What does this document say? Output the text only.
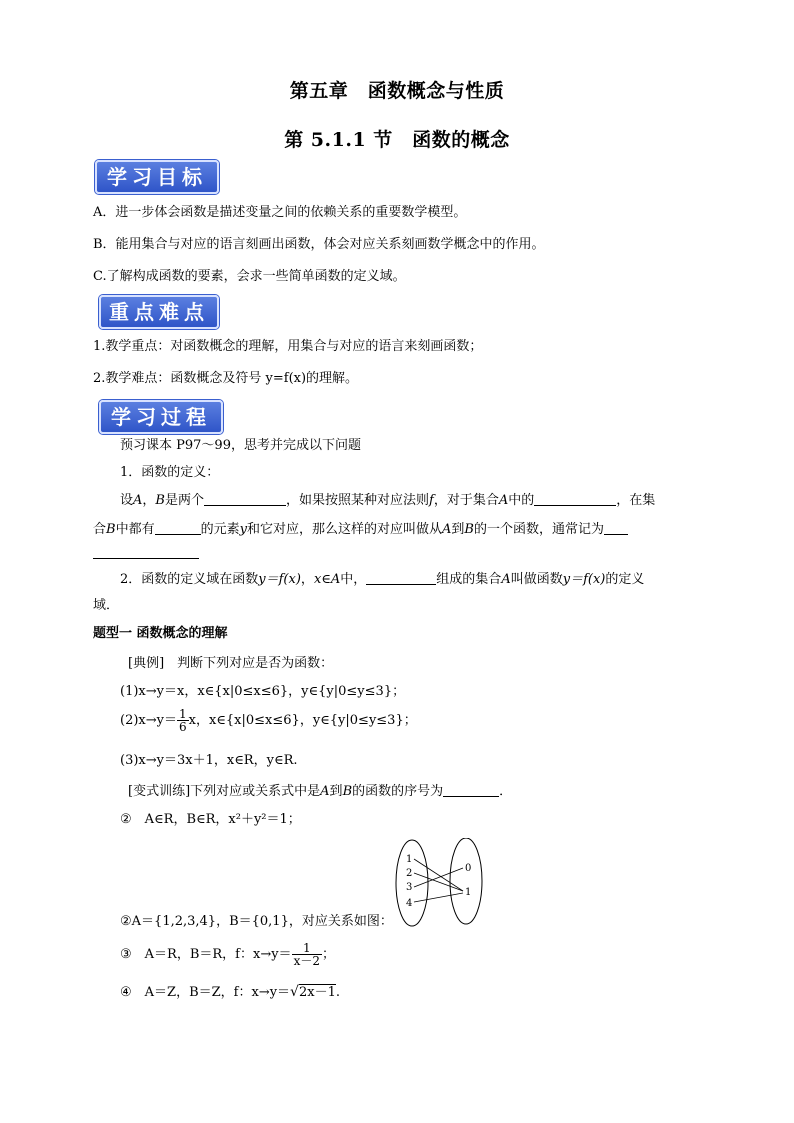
第五章　函数概念与性质
第 5.1.1 节　函数的概念
学习目标
A．进一步体会函数是描述变量之间的依赖关系的重要数学模型。
B．能用集合与对应的语言刻画出函数，体会对应关系刻画数学概念中的作用。
C.了解构成函数的要素，会求一些简单函数的定义域。
重点难点
1.教学重点：对函数概念的理解，用集合与对应的语言来刻画函数；
2.教学难点：函数概念及符号 y=f(x)的理解。
学习过程
预习课本 P97～99，思考并完成以下问题
1．函数的定义：
设A，B是两个	，如果按照某种对应法则f，对于集合A中的	，在集
合B中都有	的元素y和它对应，那么这样的对应叫做从A到B的一个函数，通常记为
2．函数的定义域在函数y＝f(x)，x∈A中，	组成的集合A叫做函数y＝f(x)的定义
域．
题型一 函数概念的理解
[典例]　判断下列对应是否为函数：
(1)x→y＝x，x∈{x|0≤x≤6}，y∈{y|0≤y≤3}；
$(2)x\to y= \frac{1}{6}$ x，x∈{x|0≤x≤6}，y∈{y|0≤y≤3}；
(3)x→y＝3x＋1，x∈R，y∈R.
[变式训练]下列对应或关系式中是A到B的函数的序号为	．
②　A∈R，B∈R，x²＋y²＝1；
1
2
3
4
0
1
②A＝{1,2,3,4}，B＝{0,1}，对应关系如图：
③　A＝R，B＝R，f：$x\to y= \frac{1}{x-2}$ ；
④　A＝Z，B＝Z，f：x→y＝√2x－1.
